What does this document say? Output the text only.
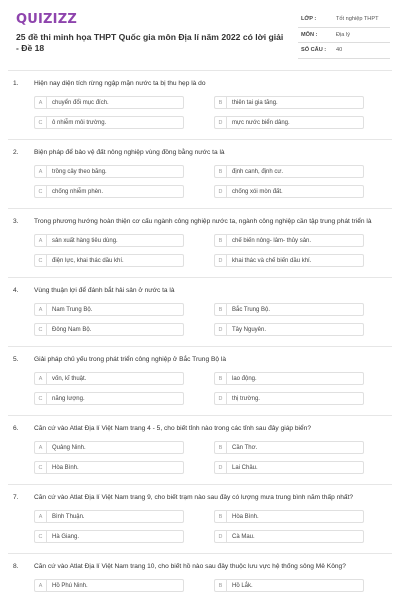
QUIZIZZ
25 đề thi minh họa THPT Quốc gia môn Địa lí năm 2022 có lời giải - Đề 18
LỚP :	Tốt nghiệp THPT
MÔN :	Địa lý
SỐ CÂU :	40
1. Hiện nay diện tích rừng ngập mặn nước ta bị thu hẹp là do
A	chuyển đổi mục đích.	B	thiên tai gia tăng.
C	ô nhiễm môi trường.	D	mực nước biển dâng.
2. Biện pháp để bảo vệ đất nông nghiệp vùng đồng bằng nước ta là
A	trồng cây theo băng.	B	định canh, định cư.
C	chống nhiễm phèn.	D	chống xói mòn đất.
3. Trong phương hướng hoàn thiện cơ cấu ngành công nghiệp nước ta, ngành công nghiệp cần tập trung phát triển là
A	sản xuất hàng tiêu dùng.	B	chế biến nông- lâm- thủy sản.
C	điện lực, khai thác dầu khí.	D	khai thác và chế biến dầu khí.
4. Vùng thuận lợi để đánh bắt hải sản ở nước ta là
A	Nam Trung Bộ.	B	Bắc Trung Bộ.
C	Đông Nam Bộ.	D	Tây Nguyên.
5. Giải pháp chủ yếu trong phát triển công nghiệp ở Bắc Trung Bộ là
A	vốn, kĩ thuật.	B	lao động.
C	năng lượng.	D	thị trường.
6. Căn cứ vào Atlat Địa lí Việt Nam trang 4 - 5, cho biết tỉnh nào trong các tỉnh sau đây giáp biển?
A	Quảng Ninh.	B	Cần Thơ.
C	Hòa Bình.	D	Lai Châu.
7. Căn cứ vào Atlat Địa lí Việt Nam trang 9, cho biết trạm nào sau đây có lượng mưa trung bình năm thấp nhất?
A	Bình Thuận.	B	Hòa Bình.
C	Hà Giang.	D	Cà Mau.
8. Căn cứ vào Atlat Địa lí Việt Nam trang 10, cho biết hồ nào sau đây thuộc lưu vực hệ thống sông Mê Kông?
A	Hồ Phú Ninh.	B	Hồ Lắk.
